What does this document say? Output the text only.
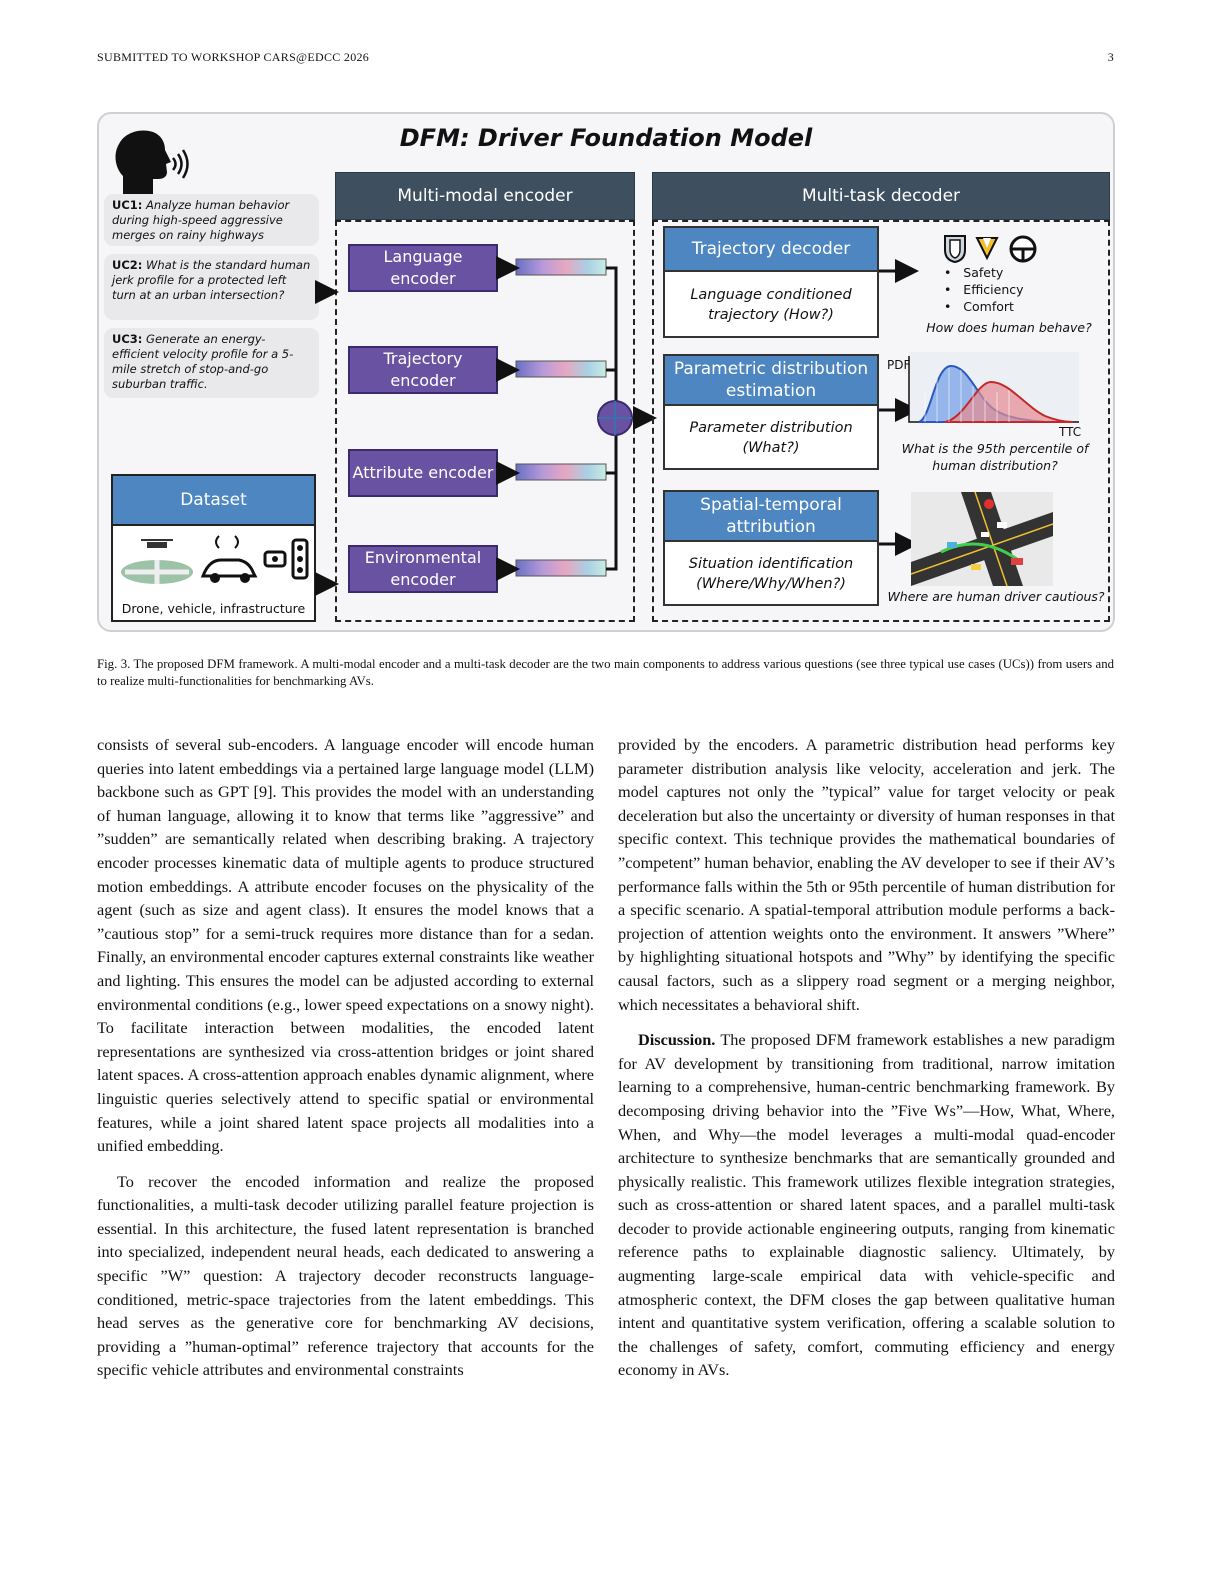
SUBMITTED TO WORKSHOP CARS@EDCC 2026	3
DFM: Driver Foundation Model
UC1: Analyze human behavior during high-speed aggressive merges on rainy highways
UC2: What is the standard human jerk profile for a protected left turn at an urban intersection?
UC3: Generate an energy-efficient velocity profile for a 5-mile stretch of stop-and-go suburban traffic.
Dataset
Drone, vehicle, infrastructure
Multi-modal encoder
Language encoder
Trajectory encoder
Attribute encoder
Environmental encoder
Multi-task decoder
Trajectory decoder
Language conditioned trajectory (How?)
Parametric distribution estimation
Parameter distribution (What?)
Spatial-temporal attribution
Situation identification (Where/Why/When?)
•   Safety
•   Efficiency
•   Comfort
How does human behave?
PDF
TTC
What is the 95th percentile of human distribution?
Where are human driver cautious?
Fig. 3. The proposed DFM framework. A multi-modal encoder and a multi-task decoder are the two main components to address various questions (see three typical use cases (UCs)) from users and to realize multi-functionalities for benchmarking AVs.

consists of several sub-encoders. A language encoder will encode human queries into latent embeddings via a pertained large language model (LLM) backbone such as GPT [9]. This provides the model with an understanding of human language, allowing it to know that terms like ”aggressive” and ”sudden” are semantically related when describing braking. A trajectory encoder processes kinematic data of multiple agents to produce structured motion embeddings. A attribute encoder focuses on the physicality of the agent (such as size and agent class). It ensures the model knows that a ”cautious stop” for a semi-truck requires more distance than for a sedan. Finally, an environmental encoder captures external constraints like weather and lighting. This ensures the model can be adjusted according to external environmental conditions (e.g., lower speed expectations on a snowy night). To facilitate interaction between modalities, the encoded latent representations are synthesized via cross-attention bridges or joint shared latent spaces. A cross-attention approach enables dynamic alignment, where linguistic queries selectively attend to specific spatial or environmental features, while a joint shared latent space projects all modalities into a unified embedding.

To recover the encoded information and realize the proposed functionalities, a multi-task decoder utilizing parallel feature projection is essential. In this architecture, the fused latent representation is branched into specialized, independent neural heads, each dedicated to answering a specific ”W” question: A trajectory decoder reconstructs language-conditioned, metric-space trajectories from the latent embeddings. This head serves as the generative core for benchmarking AV decisions, providing a ”human-optimal” reference trajectory that accounts for the specific vehicle attributes and environmental constraints

provided by the encoders. A parametric distribution head performs key parameter distribution analysis like velocity, acceleration and jerk. The model captures not only the ”typical” value for target velocity or peak deceleration but also the uncertainty or diversity of human responses in that specific context. This technique provides the mathematical boundaries of ”competent” human behavior, enabling the AV developer to see if their AV’s performance falls within the 5th or 95th percentile of human distribution for a specific scenario. A spatial-temporal attribution module performs a back-projection of attention weights onto the environment. It answers ”Where” by highlighting situational hotspots and ”Why” by identifying the specific causal factors, such as a slippery road segment or a merging neighbor, which necessitates a behavioral shift.

Discussion. The proposed DFM framework establishes a new paradigm for AV development by transitioning from traditional, narrow imitation learning to a comprehensive, human-centric benchmarking framework. By decomposing driving behavior into the ”Five Ws”—How, What, Where, When, and Why—the model leverages a multi-modal quad-encoder architecture to synthesize benchmarks that are semantically grounded and physically realistic. This framework utilizes flexible integration strategies, such as cross-attention or shared latent spaces, and a parallel multi-task decoder to provide actionable engineering outputs, ranging from kinematic reference paths to explainable diagnostic saliency. Ultimately, by augmenting large-scale empirical data with vehicle-specific and atmospheric context, the DFM closes the gap between qualitative human intent and quantitative system verification, offering a scalable solution to the challenges of safety, comfort, commuting efficiency and energy economy in AVs.
